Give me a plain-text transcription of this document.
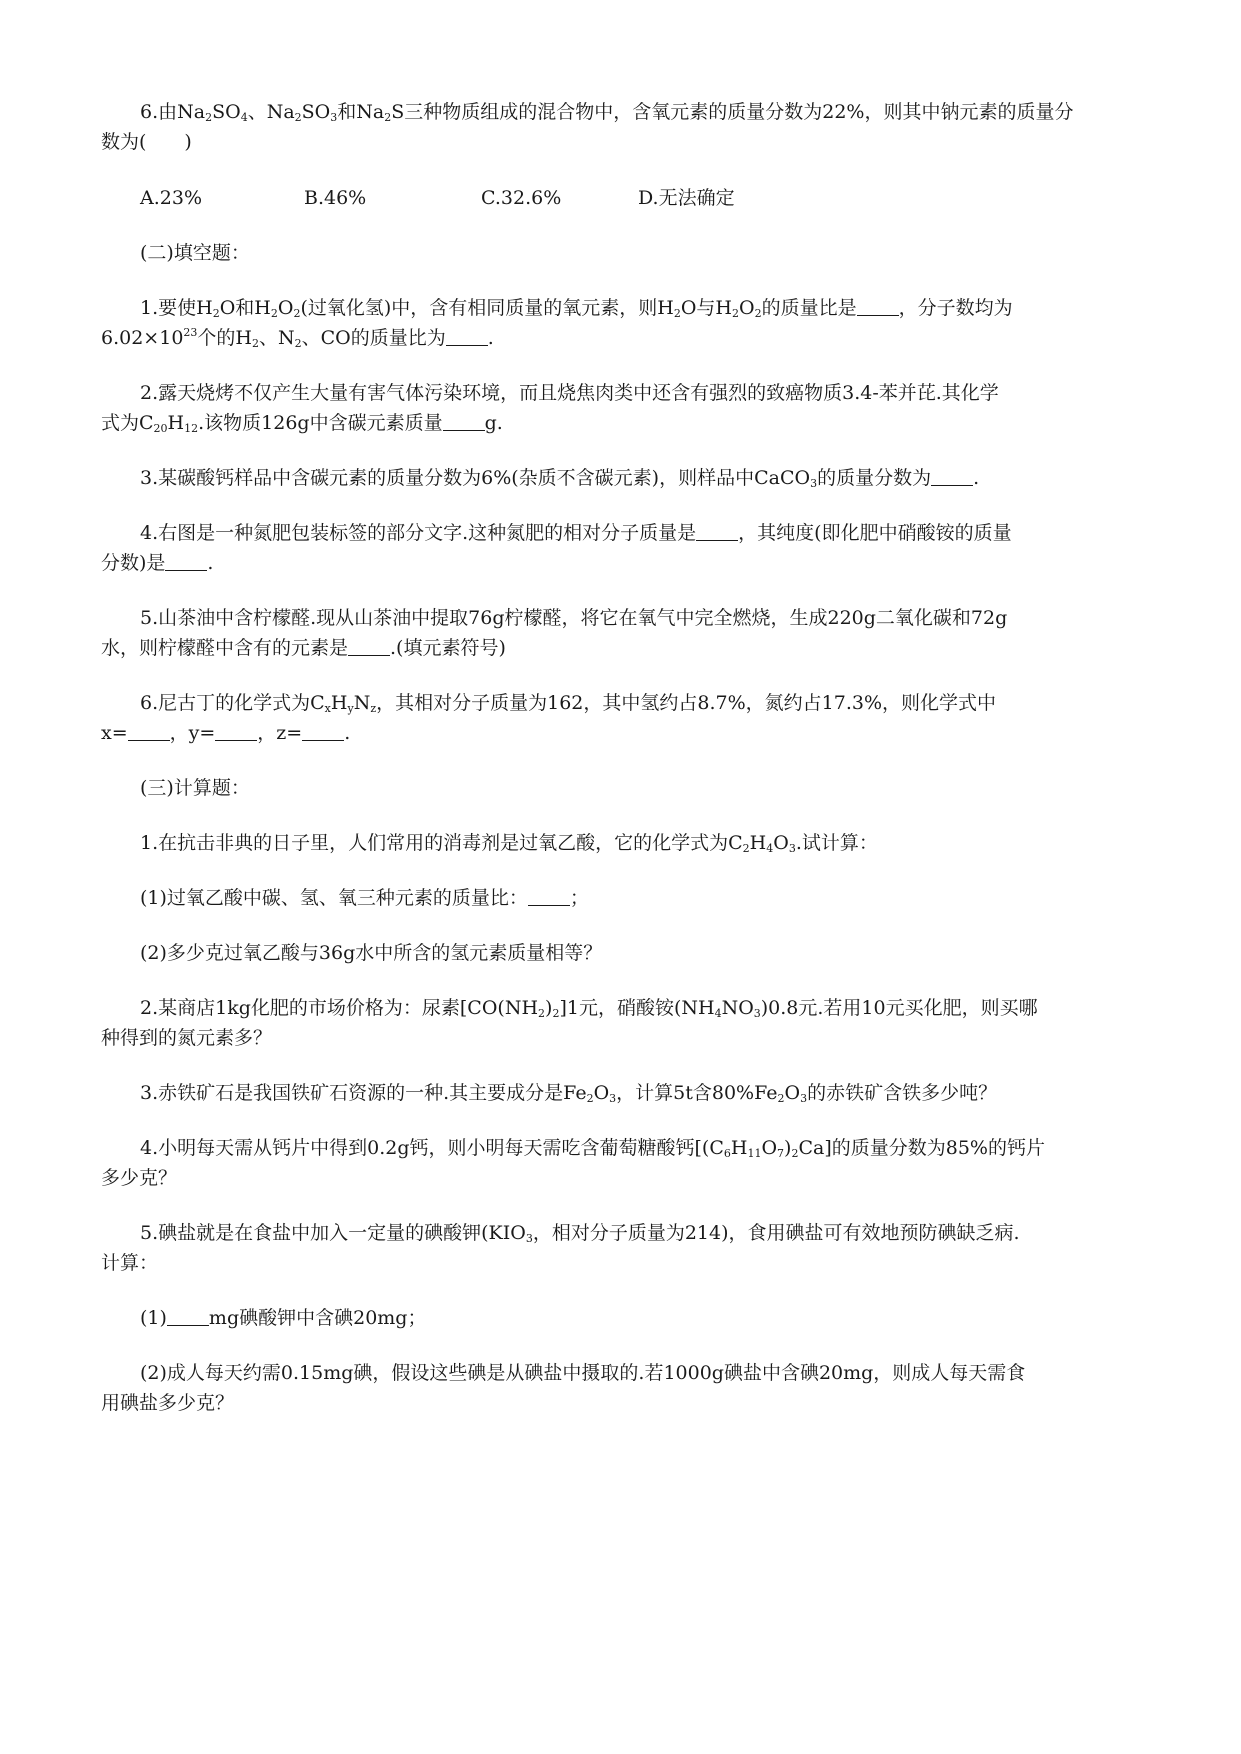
6.由$Na_2SO_4$、$Na_2SO_3$和$Na_2S$三种物质组成的混合物中，含氧元素的质量分数为22%，则其中钠元素的质量分
数为(　　)
A.23%	B.46%	C.32.6%	D.无法确定
(二)填空题：
1.要使$H_2O$和$H_2O_2$(过氧化氢)中，含有相同质量的氧元素，则$H_2O$与$H_2O_2$的质量比是 ，分子数均为
$6.02\times 10^{23}$个的$H_2$、$N_2$、CO的质量比为 .
2.露天烧烤不仅产生大量有害气体污染环境，而且烧焦肉类中还含有强烈的致癌物质3.4-苯并芘.其化学
式为$C_{20}H_{12}$.该物质126g中含碳元素质量 g.
3.某碳酸钙样品中含碳元素的质量分数为6%(杂质不含碳元素)，则样品中CaCO$_3$的质量分数为 .
4.右图是一种氮肥包装标签的部分文字.这种氮肥的相对分子质量是 ，其纯度(即化肥中硝酸铵的质量
分数)是 .
5.山茶油中含柠檬醛.现从山茶油中提取76g柠檬醛，将它在氧气中完全燃烧，生成220g二氧化碳和72g
水，则柠檬醛中含有的元素是 .(填元素符号)
6.尼古丁的化学式为$C_xH_yN_z$，其相对分子质量为162，其中氢约占8.7%，氮约占17.3%，则化学式中
x= ，y= ，z= .
(三)计算题：
1.在抗击非典的日子里，人们常用的消毒剂是过氧乙酸，它的化学式为$C_2H_4O_3$.试计算：
(1)过氧乙酸中碳、氢、氧三种元素的质量比： ；
(2)多少克过氧乙酸与36g水中所含的氢元素质量相等？
2.某商店1kg化肥的市场价格为：尿素$[CO(NH_2)_2]1$元，硝酸铵$(NH_4NO_3)0.8$元.若用10元买化肥，则买哪
种得到的氮元素多？
3.赤铁矿石是我国铁矿石资源的一种.其主要成分是$Fe_2O_3$，计算5t含$80\%Fe_2O_3$的赤铁矿含铁多少吨？
4.小明每天需从钙片中得到0.2g钙，则小明每天需吃含葡萄糖酸钙$[(C_6H_{11}O_7)_2Ca]$的质量分数为85%的钙片
多少克？
5.碘盐就是在食盐中加入一定量的碘酸钾($KIO_3$，相对分子质量为214)，食用碘盐可有效地预防碘缺乏病.
计算：
(1) mg碘酸钾中含碘20mg；
(2)成人每天约需0.15mg碘，假设这些碘是从碘盐中摄取的.若1000g碘盐中含碘20mg，则成人每天需食
用碘盐多少克？
